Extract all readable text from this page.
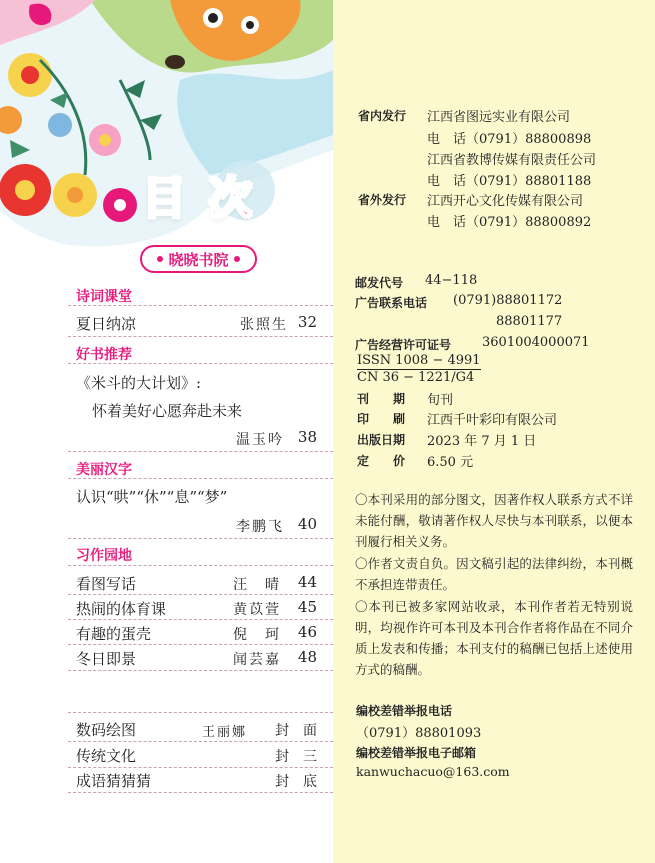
目 次
晓晓书院
诗词课堂
夏日纳凉	张照生 32
好书推荐
《米斗的大计划》:
怀着美好心愿奔赴未来
温玉吟 38
美丽汉字
认识“哄”“休”“息”“梦”
李鹏飞 40
习作园地
看图写话	汪　晴 44
热闹的体育课	黄苡萱 45
有趣的蛋壳	倪　珂 46
冬日即景	闻芸嘉 48
数码绘图	王丽娜 封　面
传统文化	封　三
成语猜猜猜	封　底
省内发行 江西省图远实业有限公司
电　话（0791）88800898
江西省教博传媒有限责任公司
电　话（0791）88801188
省外发行 江西开心文化传媒有限公司
电　话（0791）88800892
邮发代号 44−118
广告联系电话 (0791)88801172
88801177
广告经营许可证号 3601004000071
ISSN 1008 − 4991
CN 36 − 1221/G4
刊　　期 旬刊
印　　刷 江西千叶彩印有限公司
出版日期 2023 年 7 月 1 日
定　　价 6.50 元
〇本刊采用的部分图文，因著作权人联系方式不详未能付酬，敬请著作权人尽快与本刊联系，以便本刊履行相关义务。
〇作者文责自负。因文稿引起的法律纠纷，本刊概不承担连带责任。
〇本刊已被多家网站收录，本刊作者若无特别说明，均视作许可本刊及本刊合作者将作品在不同介质上发表和传播；本刊支付的稿酬已包括上述使用方式的稿酬。
编校差错举报电话
（0791）88801093
编校差错举报电子邮箱
kanwuchacuo@163.com
